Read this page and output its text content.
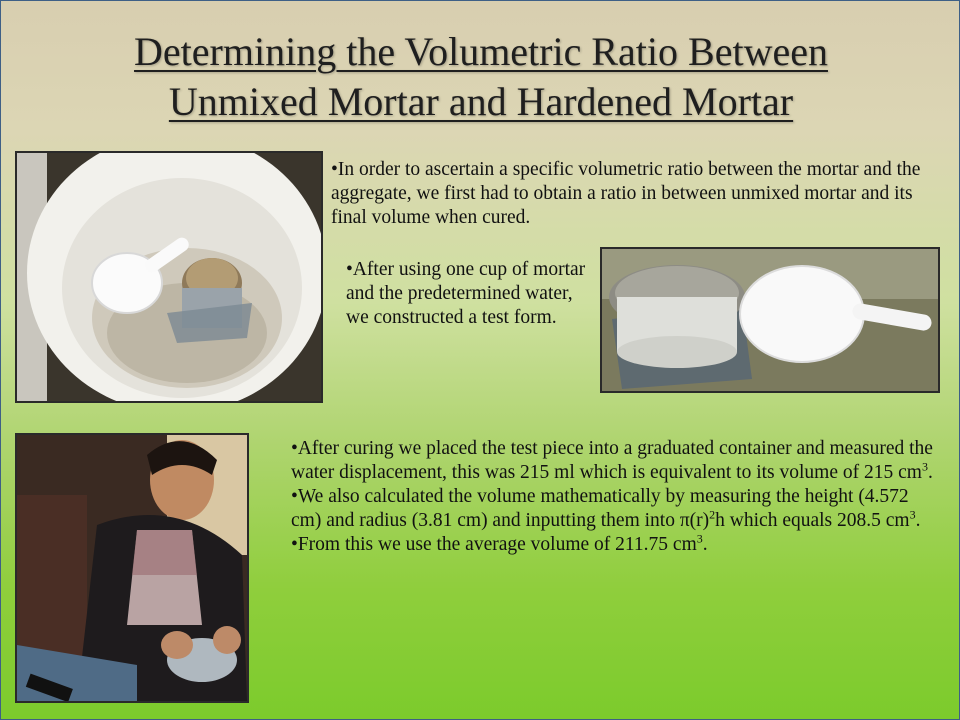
Determining the Volumetric Ratio Between
Unmixed Mortar and Hardened Mortar

•In order to ascertain a specific volumetric ratio between the mortar and the aggregate, we first had to obtain a ratio in between unmixed mortar and its final volume when cured.

•After using one cup of mortar and the predetermined water, we constructed a test form.

•After curing we placed the test piece into a graduated container and measured the water displacement, this was 215 ml which is equivalent to its volume of 215 $cm^3$.

•We also calculated the volume mathematically by measuring the height (4.572 cm) and radius (3.81 cm) and inputting them into $\pi(r)^2h$ which equals 208.5 $cm^3$.

•From this we use the average volume of 211.75 $cm^3$.
